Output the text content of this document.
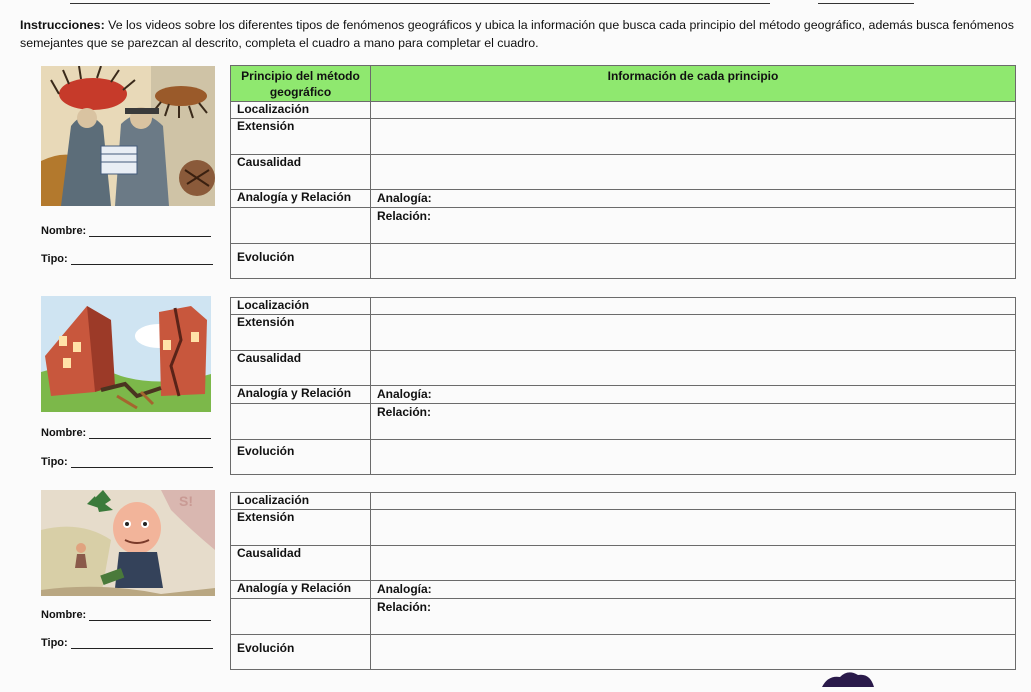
Instrucciones: Ve los videos sobre los diferentes tipos de fenómenos geográficos y ubica la información que busca cada principio del método geográfico, además busca fenómenos semejantes que se parezcan al descrito, completa el cuadro a mano para completar el cuadro.
Nombre:
Tipo:
Principio del método geográfico	Información de cada principio
Localización	
Extensión	
Causalidad	
Analogía y Relación	Analogía:

	Relación:

Evolución	
Nombre:
Tipo:
Localización	
Extensión	
Causalidad	
Analogía y Relación	Analogía:

	Relación:

Evolución	
S!
Nombre:
Tipo:
Localización	
Extensión	
Causalidad	
Analogía y Relación	Analogía:

	Relación:

Evolución	
